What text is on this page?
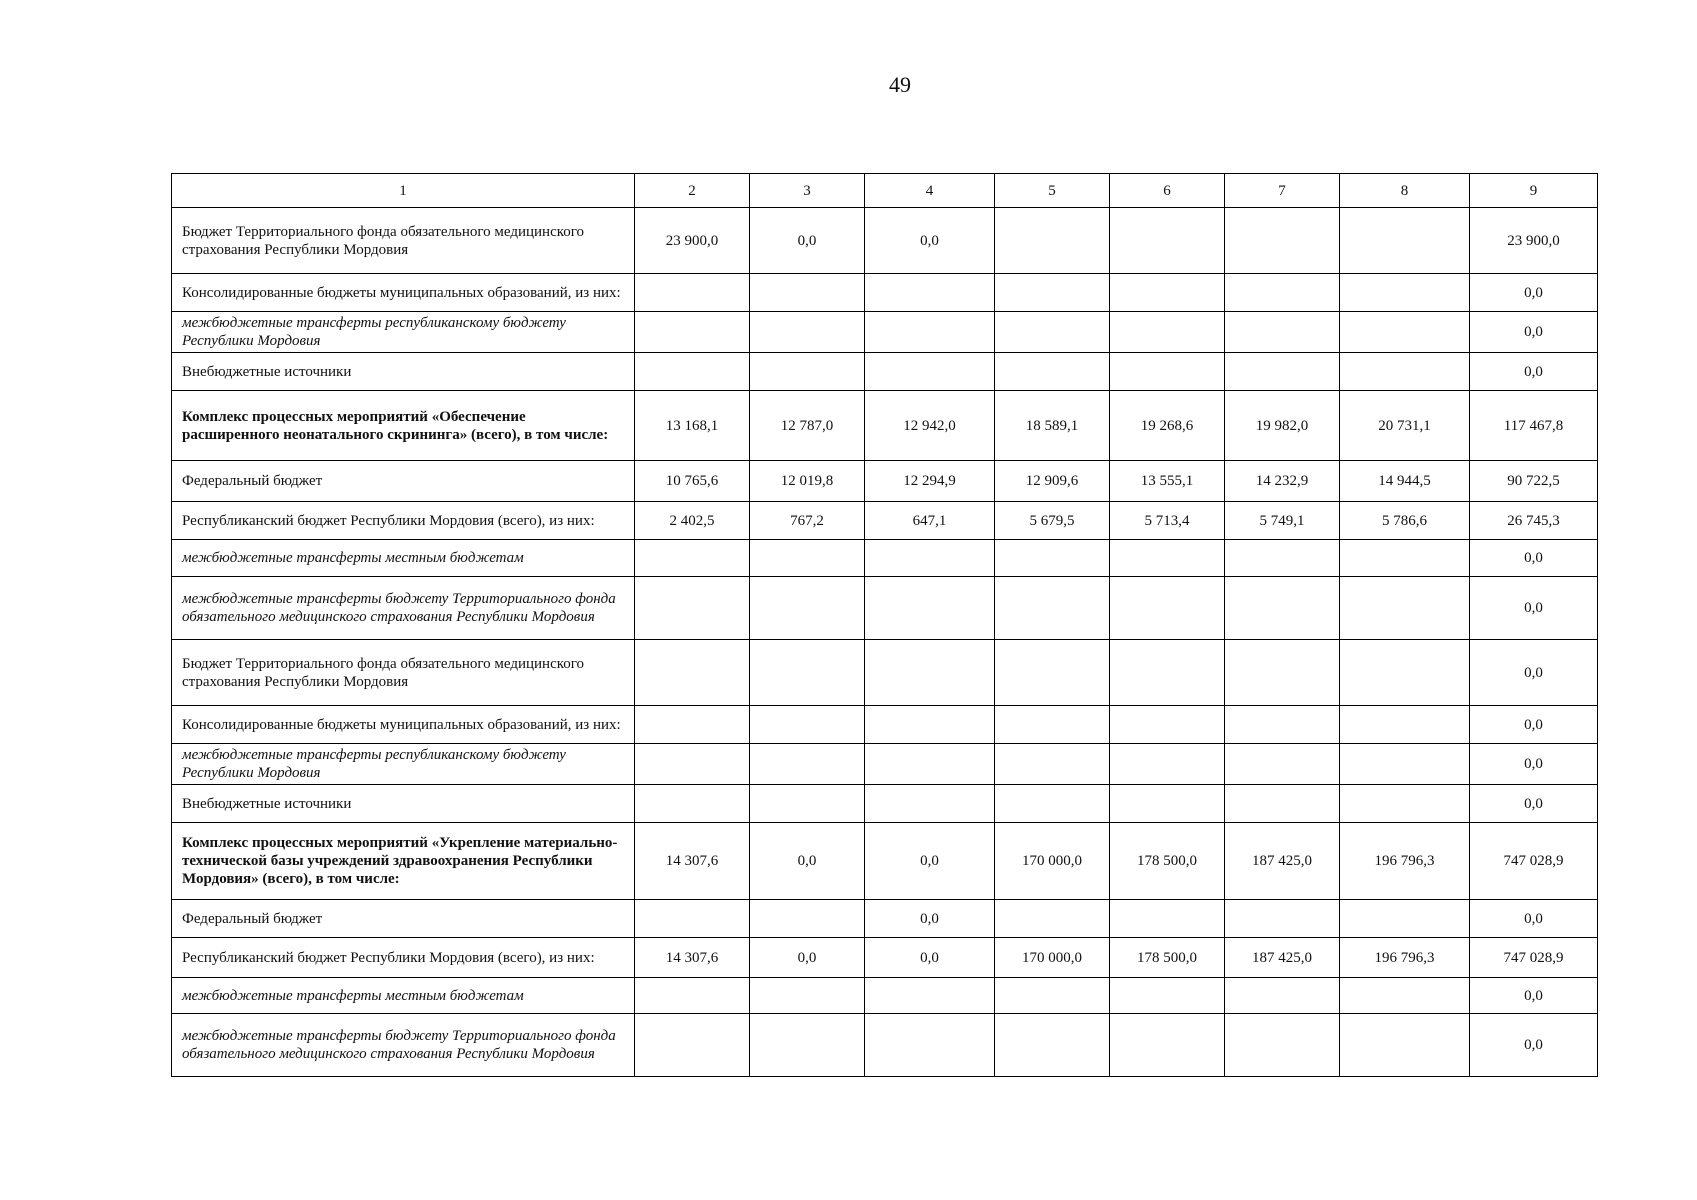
49
1	2	3	4	5	6	7	8	9
Бюджет Территориального фонда обязательного медицинского страхования Республики Мордовия	23 900,0	0,0	0,0					23 900,0
Консолидированные бюджеты муниципальных образований, из них:								0,0
межбюджетные трансферты республиканскому бюджету Республики Мордовия								0,0
Внебюджетные источники								0,0
Комплекс процессных мероприятий «Обеспечение расширенного неонатального скрининга» (всего), в том числе:	13 168,1	12 787,0	12 942,0	18 589,1	19 268,6	19 982,0	20 731,1	117 467,8
Федеральный бюджет	10 765,6	12 019,8	12 294,9	12 909,6	13 555,1	14 232,9	14 944,5	90 722,5
Республиканский бюджет Республики Мордовия (всего), из них:	2 402,5	767,2	647,1	5 679,5	5 713,4	5 749,1	5 786,6	26 745,3
межбюджетные трансферты местным бюджетам								0,0
межбюджетные трансферты бюджету Территориального фонда обязательного медицинского страхования Республики Мордовия								0,0
Бюджет Территориального фонда обязательного медицинского страхования Республики Мордовия								0,0
Консолидированные бюджеты муниципальных образований, из них:								0,0
межбюджетные трансферты республиканскому бюджету Республики Мордовия								0,0
Внебюджетные источники								0,0
Комплекс процессных мероприятий «Укрепление материально-технической базы учреждений здравоохранения Республики Мордовия» (всего), в том числе:	14 307,6	0,0	0,0	170 000,0	178 500,0	187 425,0	196 796,3	747 028,9
Федеральный бюджет			0,0					0,0
Республиканский бюджет Республики Мордовия (всего), из них:	14 307,6	0,0	0,0	170 000,0	178 500,0	187 425,0	196 796,3	747 028,9
межбюджетные трансферты местным бюджетам								0,0
межбюджетные трансферты бюджету Территориального фонда обязательного медицинского страхования Республики Мордовия								0,0
